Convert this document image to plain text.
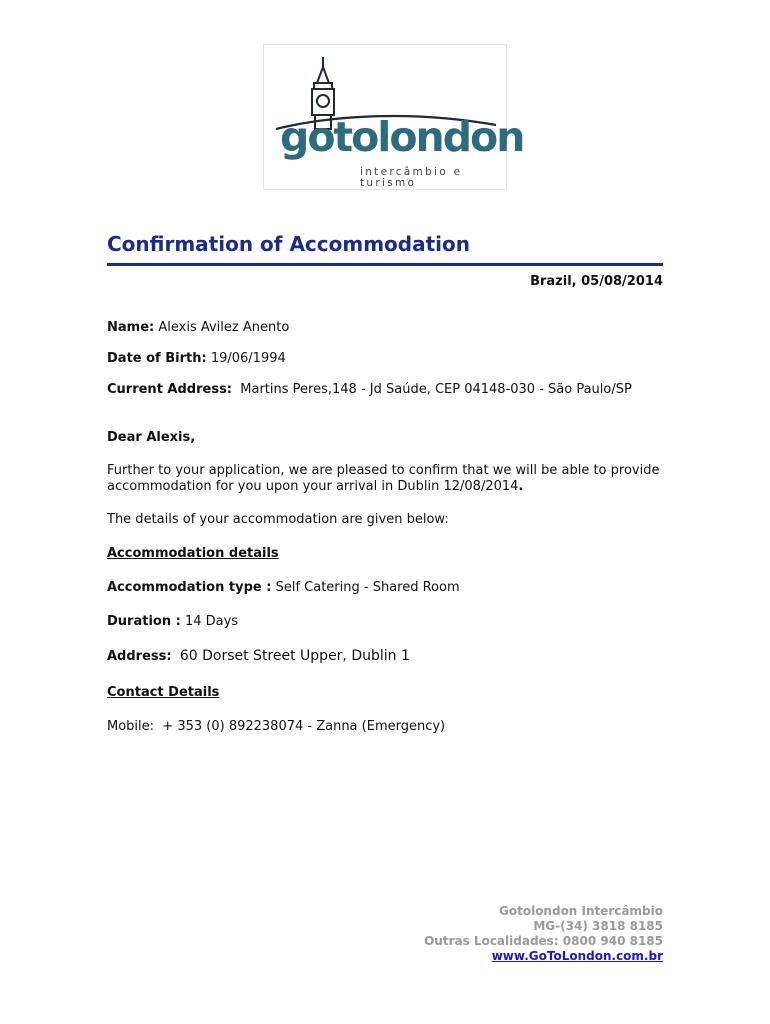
gotolondon
intercâmbio e turismo
Confirmation of Accommodation
Brazil, 05/08/2014
Name: Alexis Avilez Anento
Date of Birth: 19/06/1994
Current Address: Martins Peres,148 - Jd Saúde, CEP 04148-030 - São Paulo/SP
Dear Alexis,
Further to your application, we are pleased to confirm that we will be able to provide
accommodation for you upon your arrival in Dublin 12/08/2014.
The details of your accommodation are given below:
Accommodation details
Accommodation type : Self Catering - Shared Room
Duration : 14 Days
Address: 60 Dorset Street Upper, Dublin 1
Contact Details
Mobile: + 353 (0) 892238074 - Zanna (Emergency)
Gotolondon Intercâmbio
MG-(34) 3818 8185
Outras Localidades: 0800 940 8185
www.GoToLondon.com.br
